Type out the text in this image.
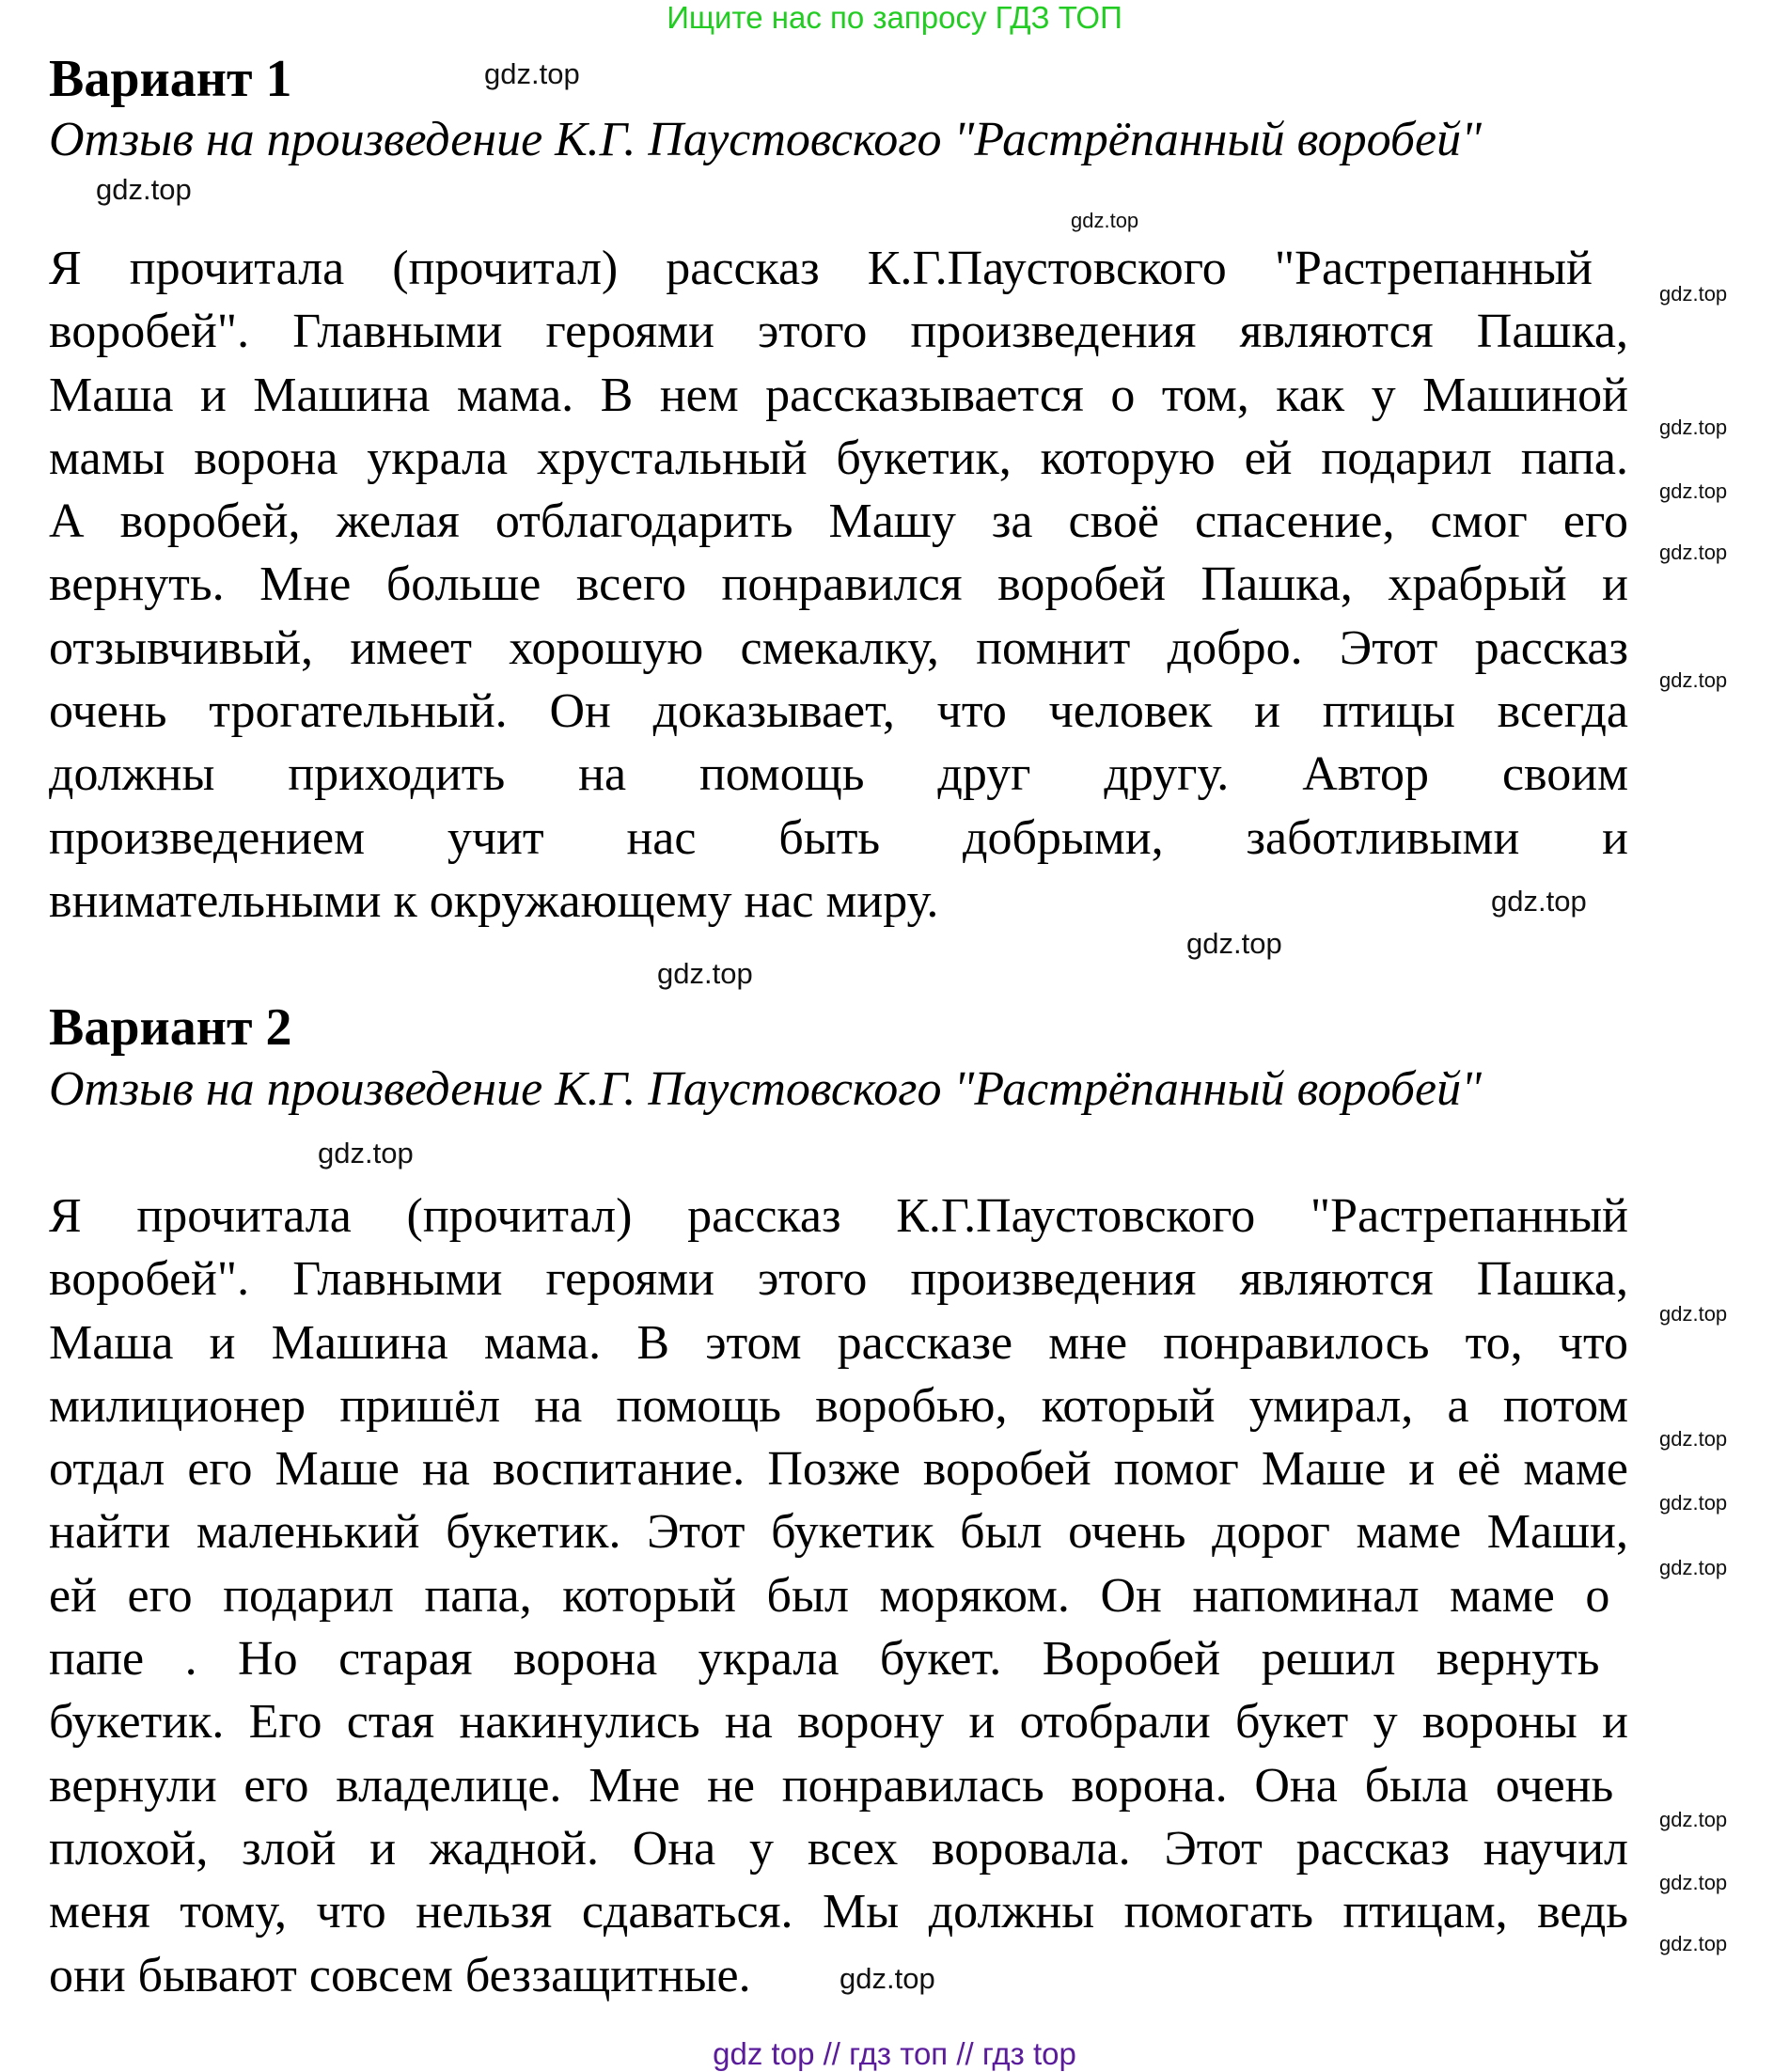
Ищите нас по запросу ГДЗ ТОП
Вариант 1
Отзыв на произведение К.Г. Паустовского "Растрёпанный воробей"
Я прочитала (прочитал) рассказ К.Г.Паустовского "Растрепанный
воробей". Главными героями этого произведения являются Пашка,
Маша и Машина мама. В нем рассказывается о том, как у Машиной
мамы ворона украла хрустальный букетик, которую ей подарил папа.
А воробей, желая отблагодарить Машу за своё спасение, смог его
вернуть. Мне больше всего понравился воробей Пашка, храбрый и
отзывчивый, имеет хорошую смекалку, помнит добро. Этот рассказ
очень трогательный. Он доказывает, что человек и птицы всегда
должны приходить на помощь друг другу. Автор своим
произведением учит нас быть добрыми, заботливыми и
внимательными к окружающему нас миру.
Вариант 2
Отзыв на произведение К.Г. Паустовского "Растрёпанный воробей"
Я прочитала (прочитал) рассказ К.Г.Паустовского "Растрепанный
воробей". Главными героями этого произведения являются Пашка,
Маша и Машина мама. В этом рассказе мне понравилось то, что
милиционер пришёл на помощь воробью, который умирал, а потом
отдал его Маше на воспитание. Позже воробей помог Маше и её маме
найти маленький букетик. Этот букетик был очень дорог маме Маши,
ей его подарил папа, который был моряком. Он напоминал маме о
папе . Но старая ворона украла букет. Воробей решил вернуть
букетик. Его стая накинулись на ворону и отобрали букет у вороны и
вернули его владелице. Мне не понравилась ворона. Она была очень
плохой, злой и жадной. Она у всех воровала. Этот рассказ научил
меня тому, что нельзя сдаваться. Мы должны помогать птицам, ведь
они бывают совсем беззащитные.
gdz.top
gdz.top
gdz.top
gdz.top
gdz.top
gdz.top
gdz.top
gdz.top
gdz.top
gdz.top
gdz.top
gdz.top
gdz.top
gdz.top
gdz.top
gdz.top
gdz.top
gdz.top
gdz.top
gdz.top
gdz top // гдз топ // гдз top
